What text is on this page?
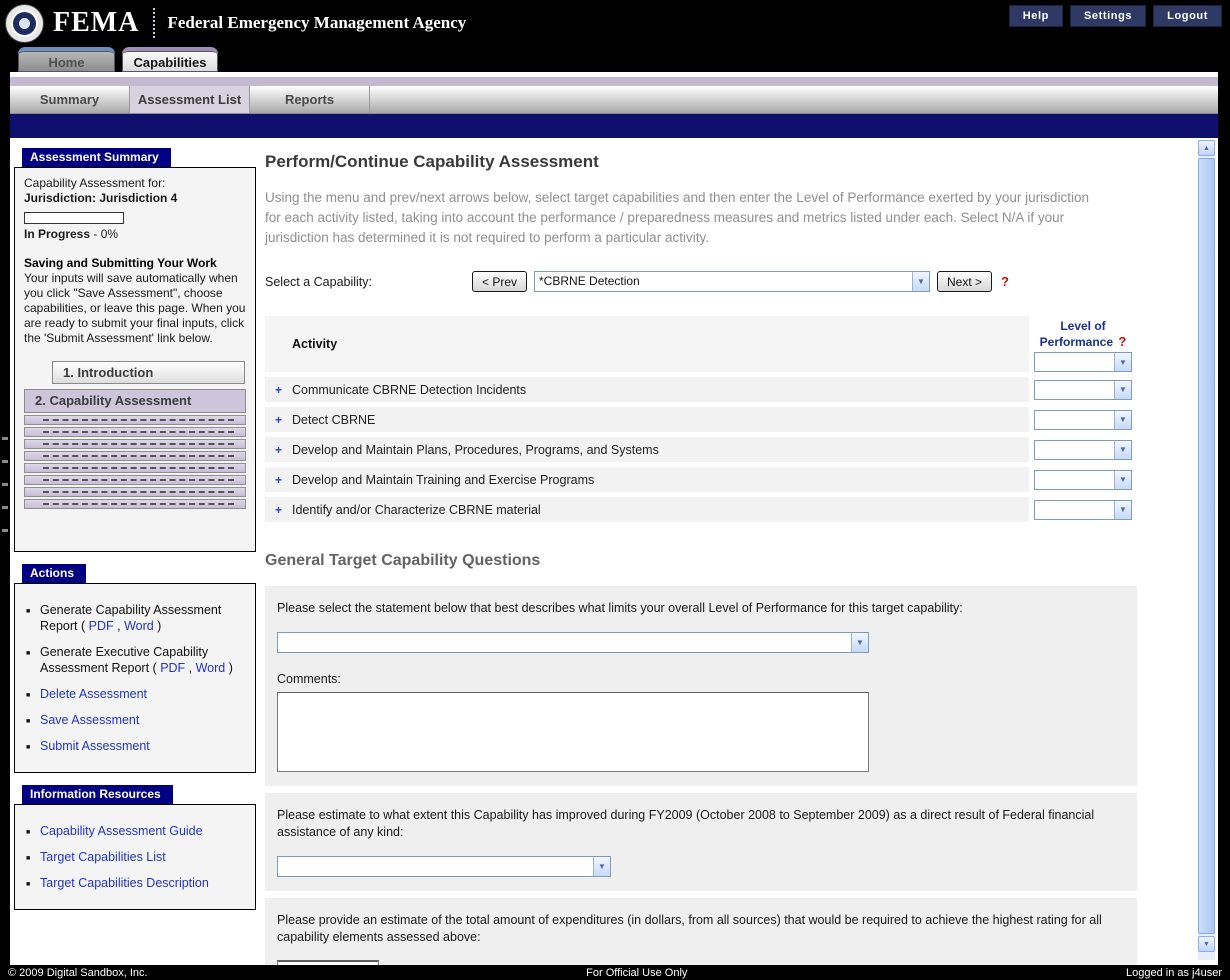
FEMA Federal Emergency Management Agency	Help	Settings	Logout
Home	Capabilities
Summary	Assessment List	Reports
Assessment Summary
Capability Assessment for:
Jurisdiction: Jurisdiction 4
In Progress - 0%
Saving and Submitting Your Work
Your inputs will save automatically when you click "Save Assessment", choose capabilities, or leave this page. When you are ready to submit your final inputs, click the 'Submit Assessment' link below.
1. Introduction
2. Capability Assessment
Actions
■ Generate Capability Assessment Report ( PDF , Word )
■ Generate Executive Capability Assessment Report ( PDF , Word )
■ Delete Assessment
■ Save Assessment
■ Submit Assessment
Information Resources
■ Capability Assessment Guide
■ Target Capabilities List
■ Target Capabilities Description
Perform/Continue Capability Assessment

Using the menu and prev/next arrows below, select target capabilities and then enter the Level of Performance exerted by your jurisdiction for each activity listed, taking into account the performance / preparedness measures and metrics listed under each. Select N/A if your jurisdiction has determined it is not required to perform a particular activity.

Select a Capability:	< Prev	*CBRNE Detection	▼	Next >	?
Activity
Level of Performance ?
▼
+ Communicate CBRNE Detection Incidents	▼
+ Detect CBRNE	▼
+ Develop and Maintain Plans, Procedures, Programs, and Systems	▼
+ Develop and Maintain Training and Exercise Programs	▼
+ Identify and/or Characterize CBRNE material	▼
General Target Capability Questions
Please select the statement below that best describes what limits your overall Level of Performance for this target capability:
▼
Comments:
Please estimate to what extent this Capability has improved during FY2009 (October 2008 to September 2009) as a direct result of Federal financial assistance of any kind:
▼
Please provide an estimate of the total amount of expenditures (in dollars, from all sources) that would be required to achieve the highest rating for all capability elements assessed above:
0.00
▲
▼
© 2009 Digital Sandbox, Inc.	For Official Use Only	Logged in as j4user
